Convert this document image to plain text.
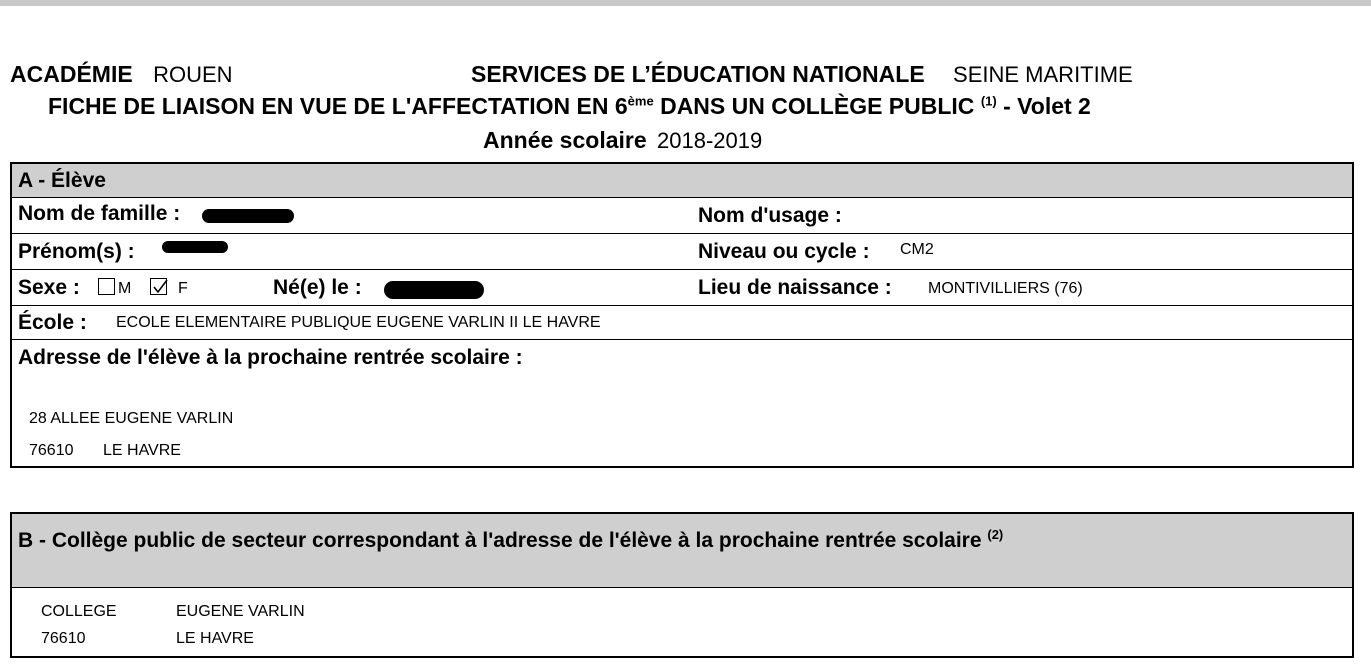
ACADÉMIE ROUEN	SERVICES DE L’ÉDUCATION NATIONALE SEINE MARITIME
FICHE DE LIAISON EN VUE DE L'AFFECTATION EN 6ème DANS UN COLLÈGE PUBLIC $^{(1)}$ - Volet 2
Année scolaire 2018-2019
A - Élève
Nom de famille :	Nom d'usage :
Prénom(s) :	Niveau ou cycle : CM2
Sexe :	M	F	Né(e) le :	Lieu de naissance : MONTIVILLIERS (76)
École : ECOLE ELEMENTAIRE PUBLIQUE EUGENE VARLIN II LE HAVRE
Adresse de l'élève à la prochaine rentrée scolaire :
28 ALLEE EUGENE VARLIN
76610 LE HAVRE
B - Collège public de secteur correspondant à l'adresse de l'élève à la prochaine rentrée scolaire $^{(2)}$
COLLEGE	EUGENE VARLIN
76610	LE HAVRE
